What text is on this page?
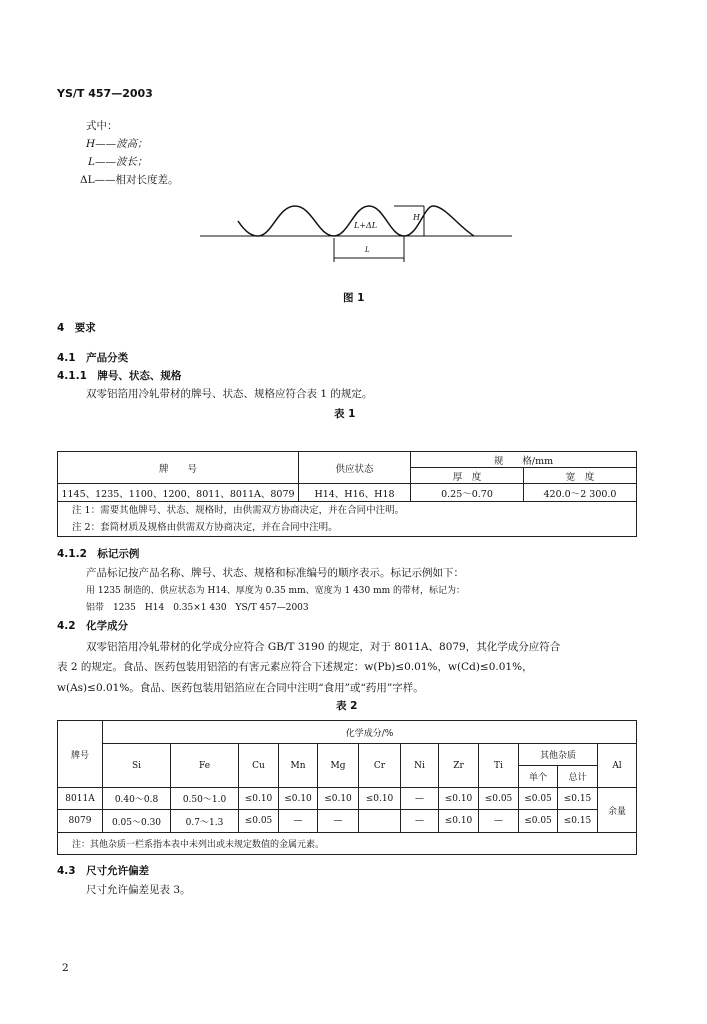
YS/T 457—2003
式中：
H——波高；
L——波长；
ΔL——相对长度差。
H
L+ΔL
L
图 1
4　要求
4.1　产品分类
4.1.1　牌号、状态、规格
双零铝箔用冷轧带材的牌号、状态、规格应符合表 1 的规定。
表 1
牌　　号	供应状态	规　　格/mm	
		厚　度	宽　度
1145、1235、1100、1200、8011、8011A、8079	H14、H16、H18	0.25～0.70	420.0～2 300.0

注 1：需要其他牌号、状态、规格时，由供需双方协商决定，并在合同中注明。
注 2：套筒材质及规格由供需双方协商决定，并在合同中注明。			
4.1.2　标记示例
产品标记按产品名称、牌号、状态、规格和标准编号的顺序表示。标记示例如下：
用 1235 制造的、供应状态为 H14、厚度为 0.35 mm、宽度为 1 430 mm 的带材，标记为：
铝带　1235　H14　0.35×1 430　YS/T 457—2003
4.2　化学成分
双零铝箔用冷轧带材的化学成分应符合 GB/T 3190 的规定，对于 8011A、8079，其化学成分应符合
表 2 的规定。食品、医药包装用铝箔的有害元素应符合下述规定：w(Pb)≤0.01%，w(Cd)≤0.01%，
w(As)≤0.01%。食品、医药包装用铝箔应在合同中注明“食用”或“药用”字样。
表 2
牌号	化学成分/%											
	Si	Fe	Cu	Mn	Mg	Cr	Ni	Zr	Ti	其他杂质		Al
										单个	总计	
8011A	0.40～0.8	0.50～1.0	≤0.10	≤0.10	≤0.10	≤0.10	—	≤0.10	≤0.05	≤0.05	≤0.15	余量
8079	0.05～0.30	0.7～1.3	≤0.05	—	—		—	≤0.10	—	≤0.05	≤0.15	
注：其他杂质一栏系指本表中未列出或未规定数值的金属元素。												
4.3　尺寸允许偏差
尺寸允许偏差见表 3。
2
